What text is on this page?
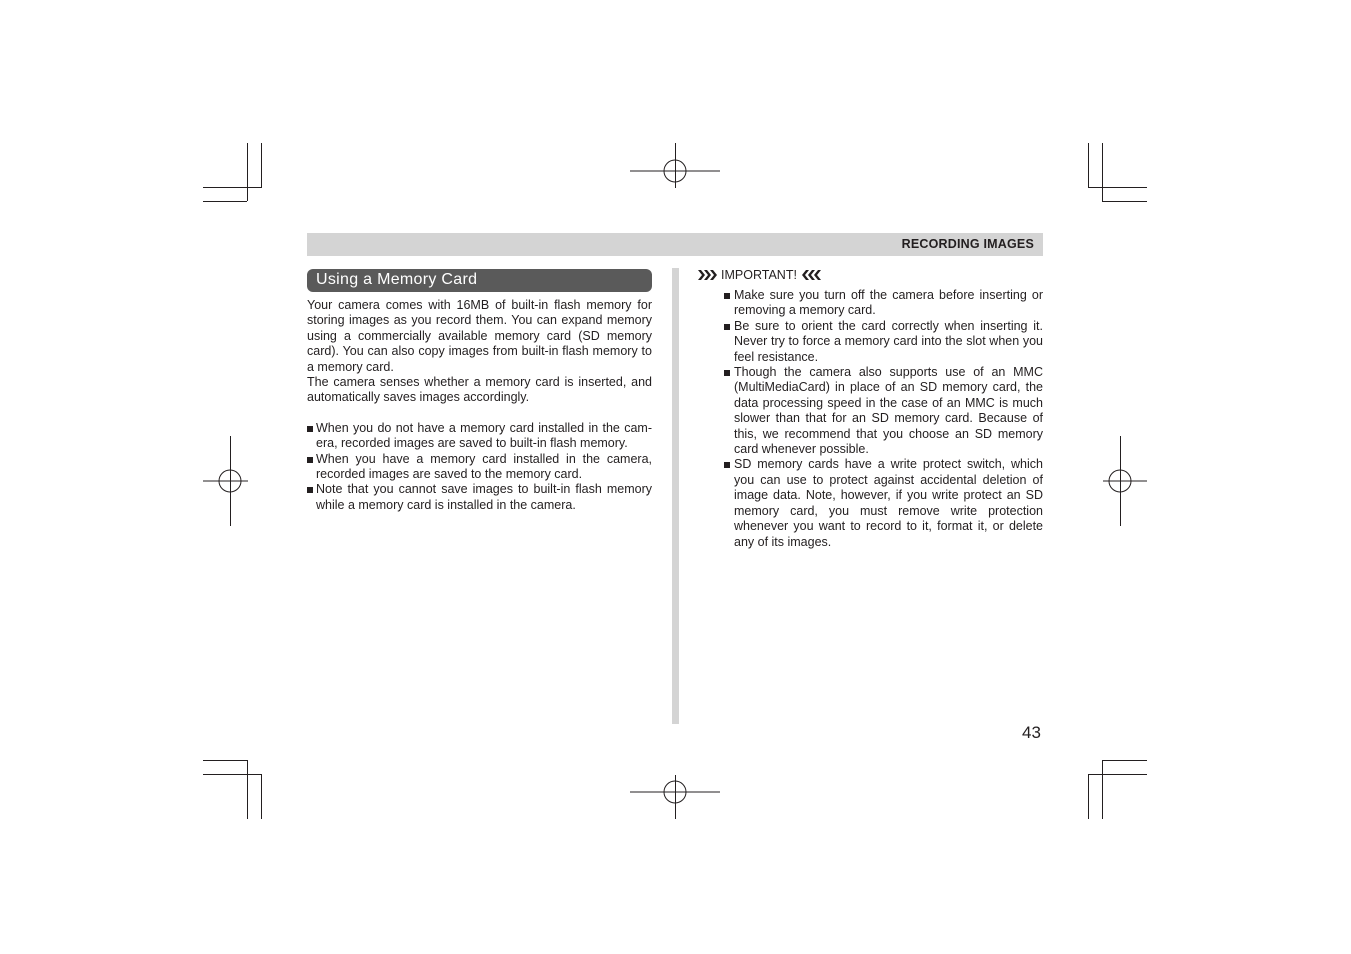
RECORDING IMAGES
Using a Memory Card

Your camera comes with 16MB of built-in flash memory for storing images as you record them. You can expand memory using a commercially available memory card (SD memory card). You can also copy images from built-in flash memory to a memory card.

The camera senses whether a memory card is inserted, and automatically saves images accordingly.

When you do not have a memory card installed in the cam- era, recorded images are saved to built-in flash memory.
When you have a memory card installed in the camera, recorded images are saved to the memory card.
Note that you cannot save images to built-in flash memory while a memory card is installed in the camera.
IMPORTANT!
Make sure you turn off the camera before inserting or removing a memory card.
Be sure to orient the card correctly when inserting it. Never try to force a memory card into the slot when you feel resistance.
Though the camera also supports use of an MMC (MultiMediaCard) in place of an SD memory card, the data processing speed in the case of an MMC is much slower than that for an SD memory card. Because of this, we recommend that you choose an SD memory card whenever possible.
SD memory cards have a write protect switch, which you can use to protect against accidental deletion of image data. Note, however, if you write protect an SD memory card, you must remove write protection whenever you want to record to it, format it, or delete any of its images.
43
